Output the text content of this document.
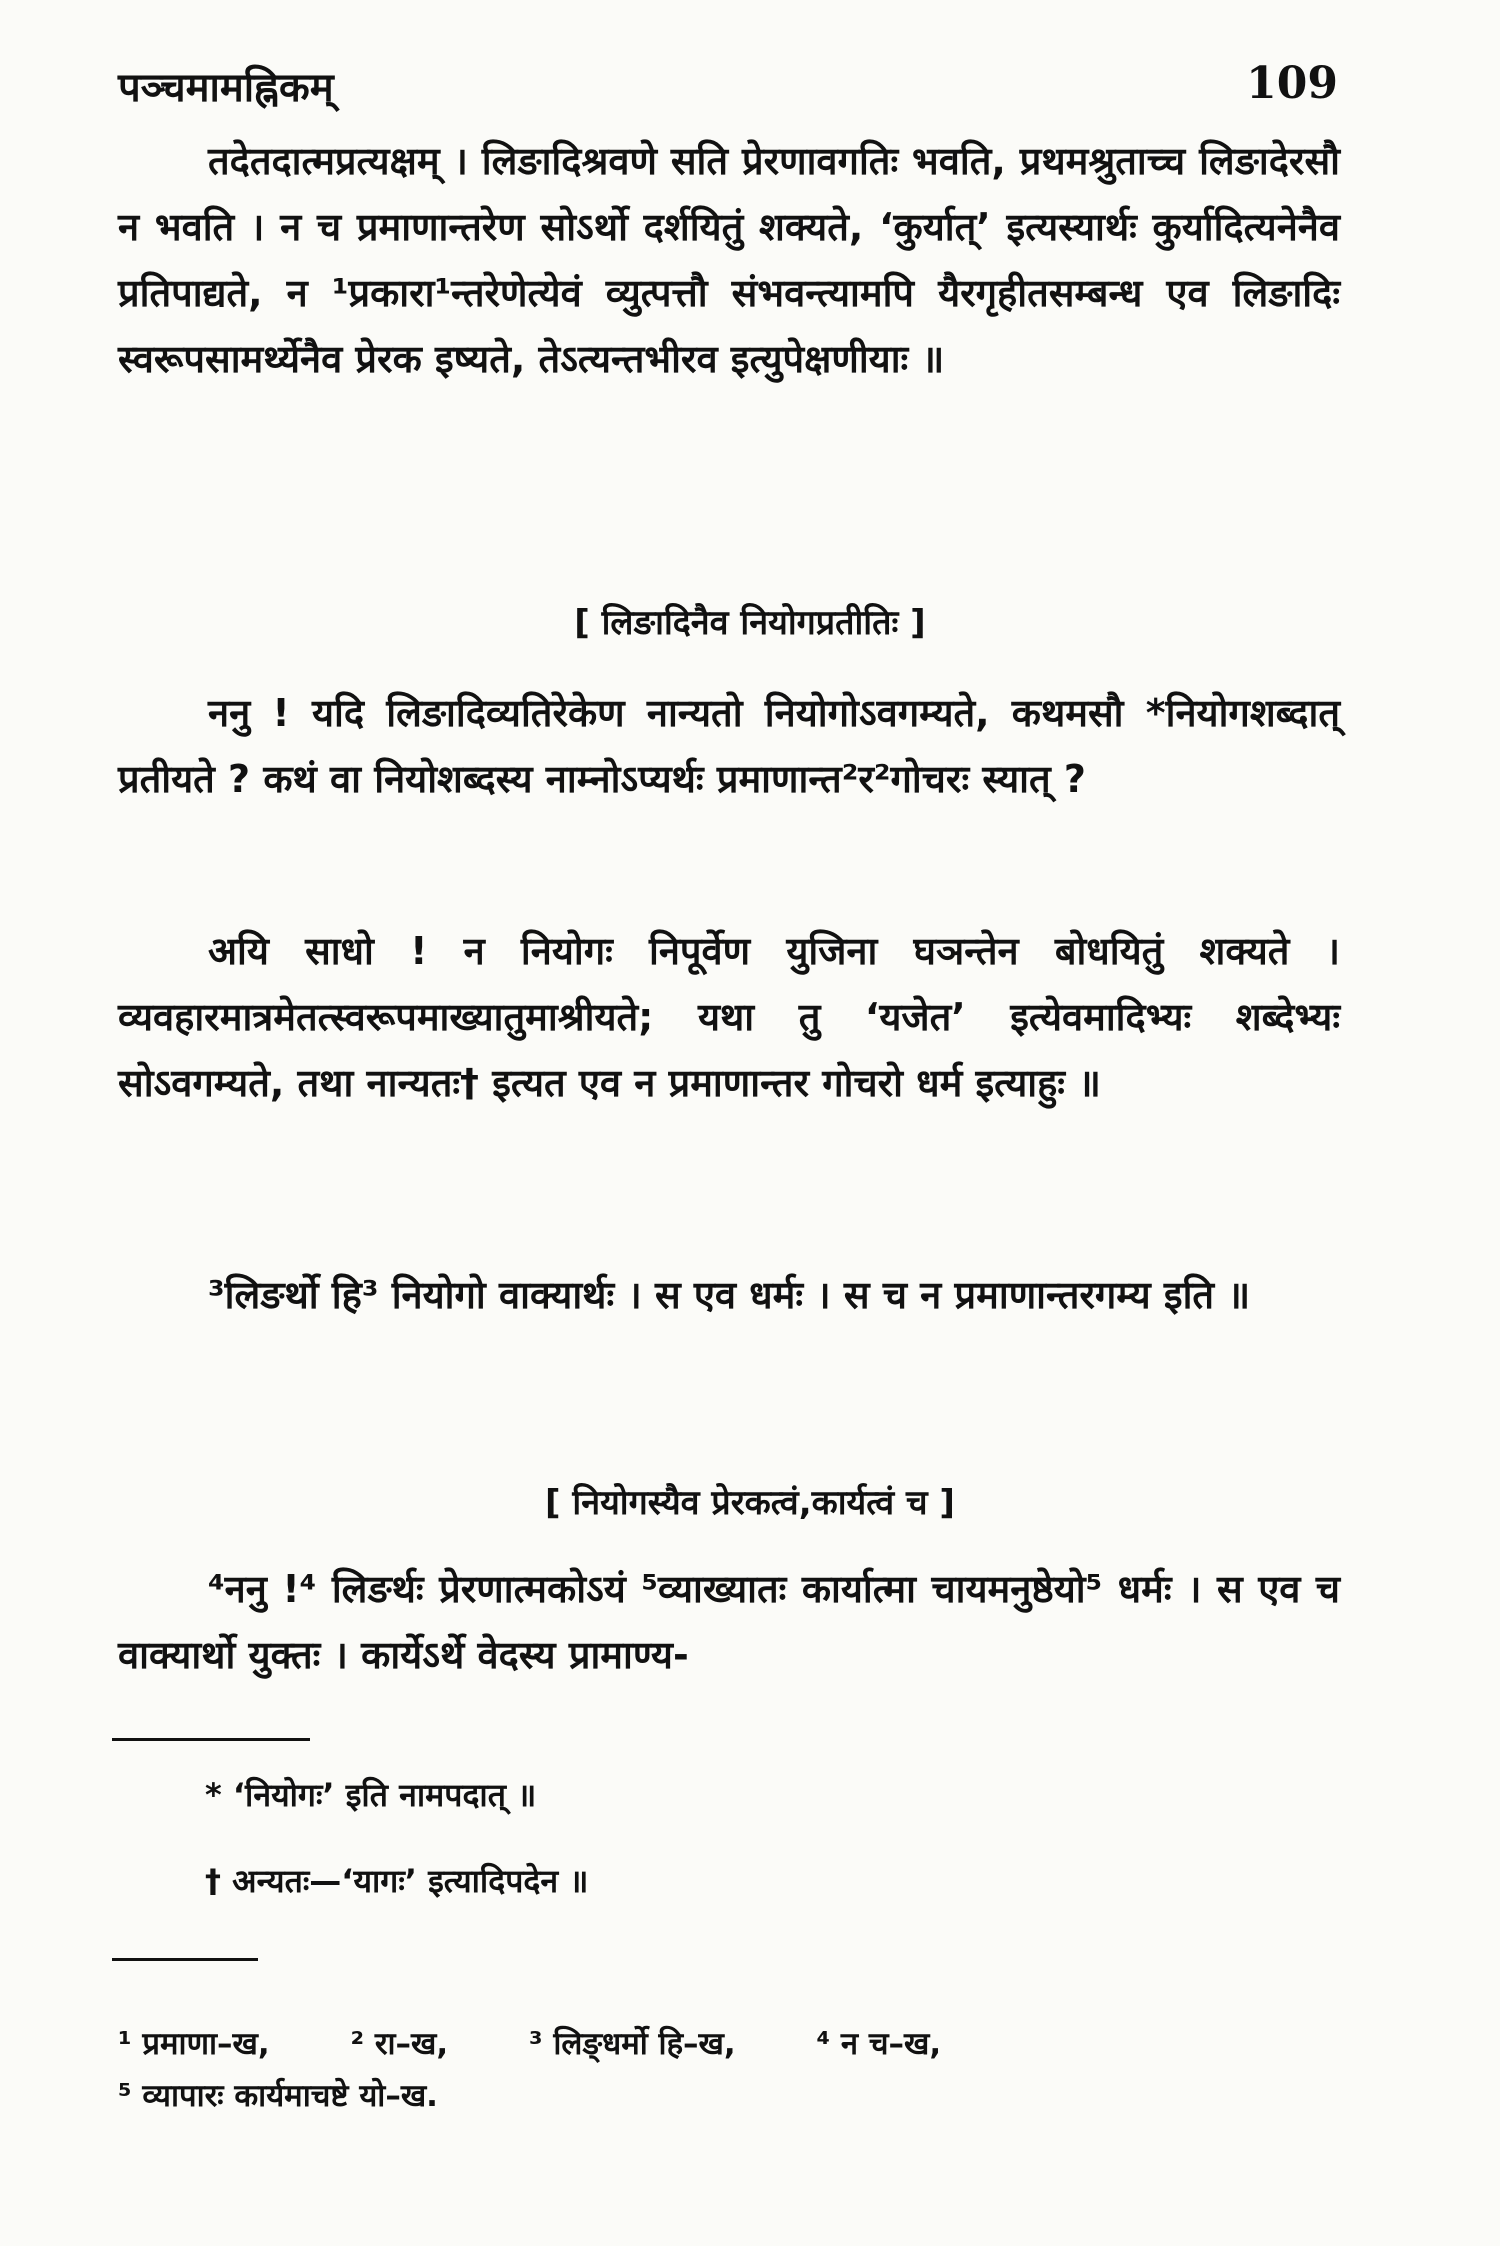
पञ्चमामह्निकम्	109

तदेतदात्मप्रत्यक्षम् । लिङादिश्रवणे सति प्रेरणावगतिः भवति, प्रथमश्रुताच्च लिङादेरसौ न भवति । न च प्रमाणान्तरेण सोऽर्थो दर्शयितुं शक्यते, ‘कुर्यात्’ इत्यस्यार्थः कुर्यादित्यनेनैव प्रतिपाद्यते, न ¹प्रकारा¹न्तरेणेत्येवं व्युत्पत्तौ संभवन्त्यामपि यैरगृहीतसम्बन्ध एव लिङादिः स्वरूपसामर्थ्येनैव प्रेरक इष्यते, तेऽत्यन्तभीरव इत्युपेक्षणीयाः ॥

[ लिङादिनैव नियोगप्रतीतिः ]

ननु ! यदि लिङादिव्यतिरेकेण नान्यतो नियोगोऽवगम्यते, कथमसौ *नियोगशब्दात् प्रतीयते ? कथं वा नियोशब्दस्य नाम्नोऽप्यर्थः प्रमाणान्त²र²गोचरः स्यात् ?

अयि साधो ! न नियोगः निपूर्वेण युजिना घञन्तेन बोधयितुं शक्यते । व्यवहारमात्रमेतत्स्वरूपमाख्यातुमाश्रीयते; यथा तु ‘यजेत’ इत्येवमादिभ्यः शब्देभ्यः सोऽवगम्यते, तथा नान्यतः† इत्यत एव न प्रमाणान्तर गोचरो धर्म इत्याहुः ॥

³लिङर्थो हि³ नियोगो वाक्यार्थः । स एव धर्मः । स च न प्रमाणान्तरगम्य इति ॥

[ नियोगस्यैव प्रेरकत्वं,कार्यत्वं च ]

⁴ननु !⁴ लिङर्थः प्रेरणात्मकोऽयं ⁵व्याख्यातः कार्यात्मा चायमनुष्ठेयो⁵ धर्मः । स एव च वाक्यार्थो युक्तः । कार्येऽर्थे वेदस्य प्रामाण्य-

* ‘नियोगः’ इति नामपदात् ॥

† अन्यतः—‘यागः’ इत्यादिपदेन ॥

¹ प्रमाणा–ख,	² रा–ख,	³ लिङ्धर्मो हि–ख,	⁴ न च–ख,
⁵ व्यापारः कार्यमाचष्टे यो–ख.
